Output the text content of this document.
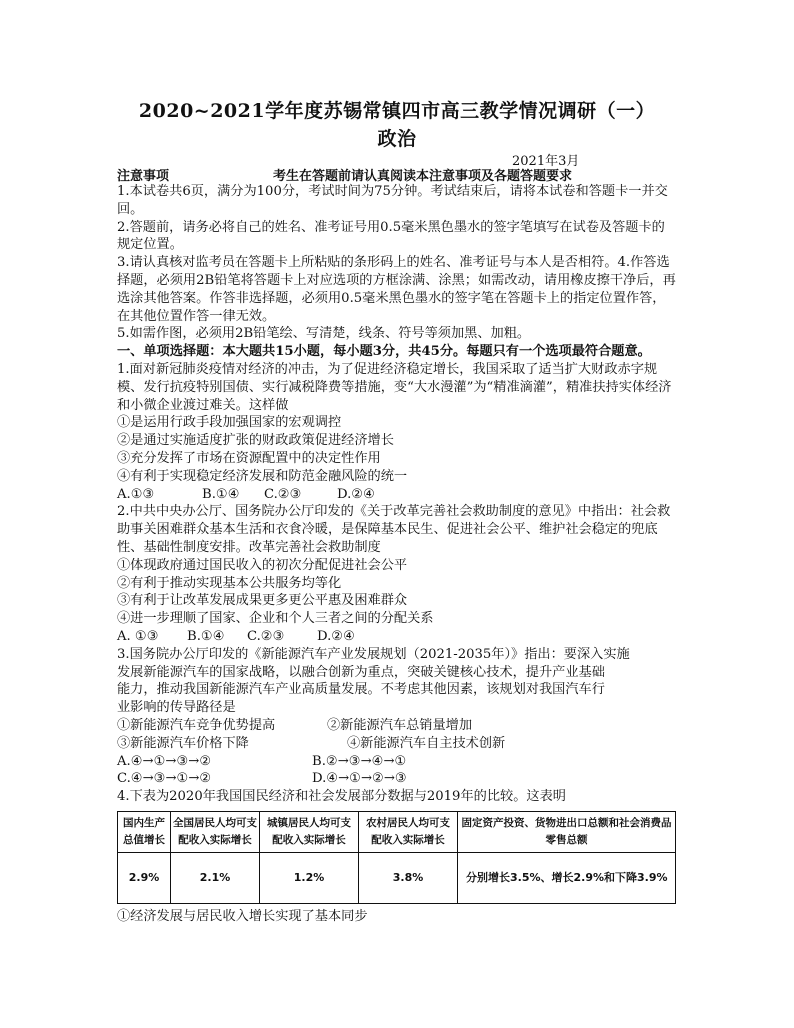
2020~2021学年度苏锡常镇四市高三教学情况调研（一）
政治
2021年3月
注意事项	考生在答题前请认真阅读本注意事项及各题答题要求

1.本试卷共6页，满分为100分，考试时间为75分钟。考试结束后，请将本试卷和答题卡一并交回。

2.答题前，请务必将自己的姓名、准考证号用0.5毫米黑色墨水的签字笔填写在试卷及答题卡的规定位置。

3.请认真核对监考员在答题卡上所粘贴的条形码上的姓名、准考证号与本人是否相符。4.作答选择题，必须用2B铅笔将答题卡上对应选项的方框涂满、涂黑；如需改动，请用橡皮擦干净后，再选涂其他答案。作答非选择题，必须用0.5毫米黑色墨水的签字笔在答题卡上的指定位置作答，在其他位置作答一律无效。

5.如需作图，必须用2B铅笔绘、写清楚，线条、符号等须加黑、加粗。

一、单项选择题：本大题共15小题，每小题3分，共45分。每题只有一个选项最符合题意。

1.面对新冠肺炎疫情对经济的冲击，为了促进经济稳定增长，我国采取了适当扩大财政赤字规模、发行抗疫特别国债、实行减税降费等措施，变“大水漫灌”为“精准滴灌”，精准扶持实体经济和小微企业渡过难关。这样做

①是运用行政手段加强国家的宏观调控

②是通过实施适度扩张的财政政策促进经济增长

③充分发挥了市场在资源配置中的决定性作用

④有利于实现稳定经济发展和防范金融风险的统一

A.①③	B.①④ C.②③	D.②④

2.中共中央办公厅、国务院办公厅印发的《关于改革完善社会救助制度的意见》中指出：社会救助事关困难群众基本生活和衣食冷暖，是保障基本民生、促进社会公平、维护社会稳定的兜底性、基础性制度安排。改革完善社会救助制度

①体现政府通过国民收入的初次分配促进社会公平

②有利于推动实现基本公共服务均等化

③有利于让改革发展成果更多更公平惠及困难群众

④进一步理顺了国家、企业和个人三者之间的分配关系

A. ①③ B.①④ C.②③ D.②④

3.国务院办公厅印发的《新能源汽车产业发展规划（2021-2035年）》指出：要深入实施

发展新能源汽车的国家战略，以融合创新为重点，突破关键核心技术，提升产业基础

能力，推动我国新能源汽车产业高质量发展。不考虑其他因素，该规划对我国汽车行

业影响的传导路径是

①新能源汽车竞争优势提高	②新能源汽车总销量增加

③新能源汽车价格下降	④新能源汽车自主技术创新

A.④→①→③→②	B.②→③→④→①

C.④→③→①→②	D.④→①→②→③

4.下表为2020年我国国民经济和社会发展部分数据与2019年的比较。这表明

国内生产总值增长	全国居民人均可支配收入实际增长	城镇居民人均可支配收入实际增长	农村居民人均可支配收入实际增长	固定资产投资、货物进出口总额和社会消费品零售总额
2.9%	2.1%	1.2%	3.8%	分别增长3.5%、增长2.9%和下降3.9%

①经济发展与居民收入增长实现了基本同步
